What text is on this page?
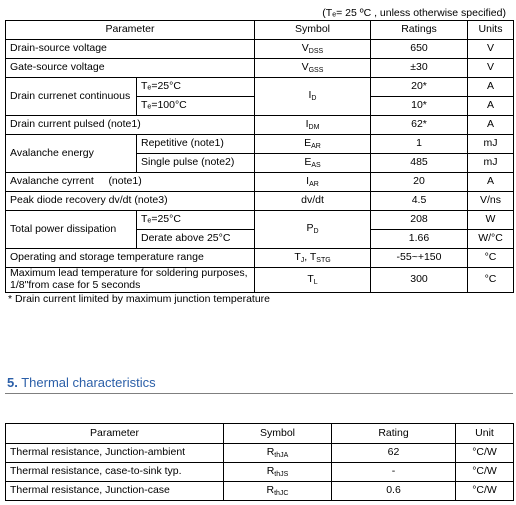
(Tₑ= 25 ºC , unless otherwise specified)
Parameter		Symbol	Ratings	Units
Drain-source voltage		$V_{DSS}$	650	V
Gate-source voltage		$V_{GSS}$	±30	V
Drain currenet continuous	Tₑ=25°C	$I_D$	20*	A
	Tₑ=100°C		10*	A
Drain current pulsed (note1)		$I_{DM}$	62*	A
Avalanche energy	Repetitive (note1)	$E_{AR}$	1	mJ
	Single pulse (note2)	$E_{AS}$	485	mJ
Avalanche cyrrent     (note1)		$I_{AR}$	20	A
Peak diode recovery dv/dt (note3)		dv/dt	4.5	V/ns
Total power dissipation	Tₑ=25°C	$P_D$	208	W
	Derate above 25°C		1.66	W/°C
Operating and storage temperature range		$T_J$, $T_{STG}$	-55~+150	°C
Maximum lead temperature for soldering purposes, 1/8"from case for 5 seconds		$T_L$	300	°C
* Drain current limited by maximum junction temperature
5. Thermal characteristics
Parameter	Symbol	Rating	Unit
Thermal resistance, Junction-ambient	$R_{thJA}$	62	°C/W
Thermal resistance, case-to-sink typ.	$R_{thJS}$	-	°C/W
Thermal resistance, Junction-case	$R_{thJC}$	0.6	°C/W
